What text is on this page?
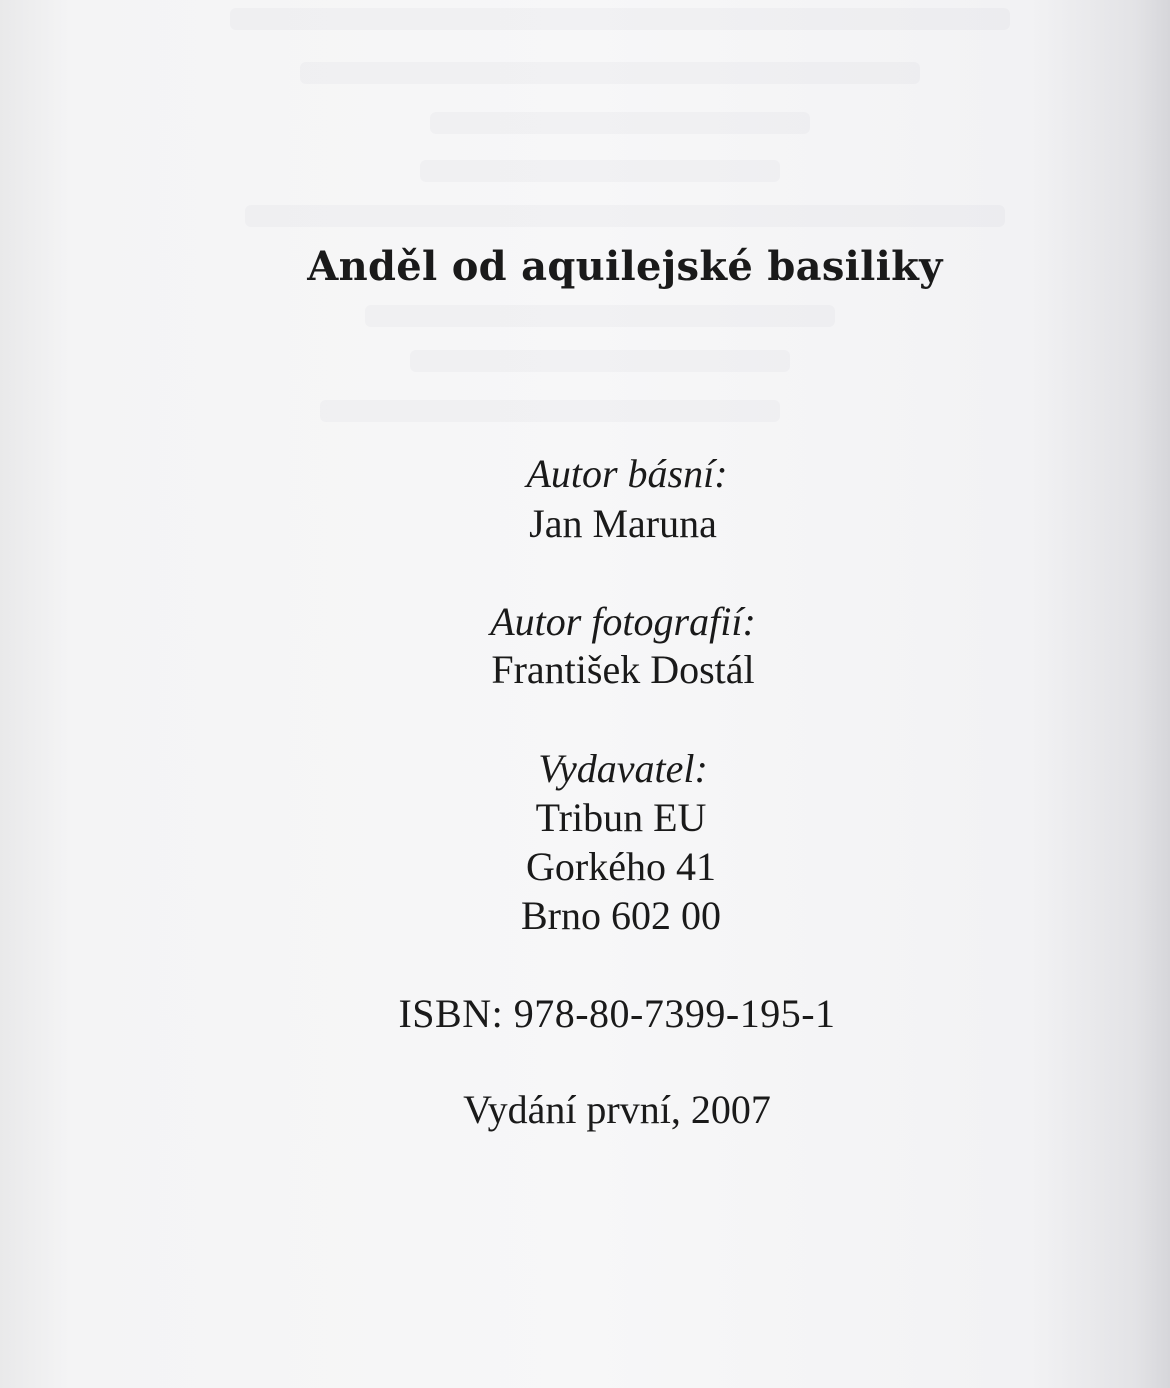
Anděl od aquilejské basiliky
Autor básní:
Jan Maruna
Autor fotografií:
František Dostál
Vydavatel:
Tribun EU
Gorkého 41
Brno 602 00
ISBN: 978-80-7399-195-1
Vydání první, 2007
